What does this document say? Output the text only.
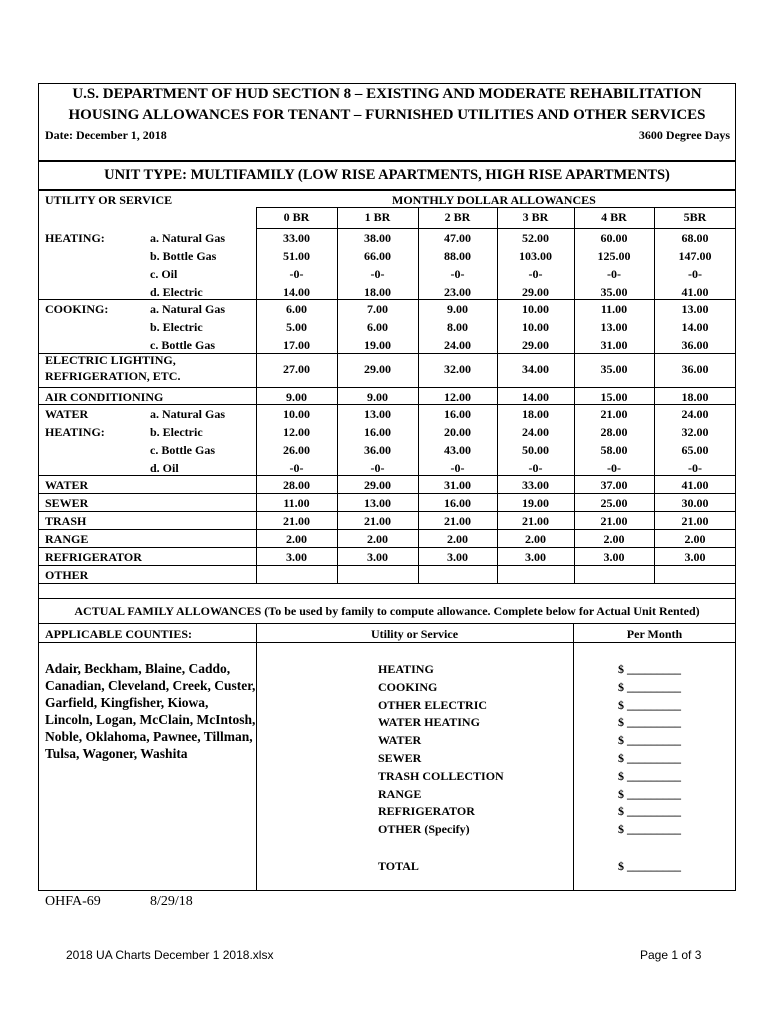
U.S. DEPARTMENT OF HUD SECTION 8 – EXISTING AND MODERATE REHABILITATION
HOUSING ALLOWANCES FOR TENANT – FURNISHED UTILITIES AND OTHER SERVICES
Date: December 1, 2018	3600 Degree Days
UNIT TYPE: MULTIFAMILY (LOW RISE APARTMENTS, HIGH RISE APARTMENTS)
UTILITY OR SERVICE	MONTHLY DOLLAR ALLOWANCES
0 BR	1 BR	2 BR	3 BR	4 BR	5BR
HEATING:	a. Natural Gas	33.00	38.00	47.00	52.00	60.00	68.00
b. Bottle Gas	51.00	66.00	88.00	103.00	125.00	147.00
c. Oil	-0-	-0-	-0-	-0-	-0-	-0-
d. Electric	14.00	18.00	23.00	29.00	35.00	41.00
COOKING:	a. Natural Gas	6.00	7.00	9.00	10.00	11.00	13.00
b. Electric	5.00	6.00	8.00	10.00	13.00	14.00
c. Bottle Gas	17.00	19.00	24.00	29.00	31.00	36.00
ELECTRIC LIGHTING,
REFRIGERATION, ETC.	27.00	29.00	32.00	34.00	35.00	36.00
AIR CONDITIONING	9.00	9.00	12.00	14.00	15.00	18.00
WATER	a. Natural Gas	10.00	13.00	16.00	18.00	21.00	24.00
HEATING:	b. Electric	12.00	16.00	20.00	24.00	28.00	32.00
c. Bottle Gas	26.00	36.00	43.00	50.00	58.00	65.00
d. Oil	-0-	-0-	-0-	-0-	-0-	-0-
WATER	28.00	29.00	31.00	33.00	37.00	41.00
SEWER	11.00	13.00	16.00	19.00	25.00	30.00
TRASH	21.00	21.00	21.00	21.00	21.00	21.00
RANGE	2.00	2.00	2.00	2.00	2.00	2.00
REFRIGERATOR	3.00	3.00	3.00	3.00	3.00	3.00
OTHER
ACTUAL FAMILY ALLOWANCES (To be used by family to compute allowance. Complete below for Actual Unit Rented)
APPLICABLE COUNTIES:	Utility or Service	Per Month
Adair, Beckham, Blaine, Caddo,
Canadian, Cleveland, Creek, Custer,
Garfield, Kingfisher, Kiowa,
Lincoln, Logan, McClain, McIntosh,
Noble, Oklahoma, Pawnee, Tillman,
Tulsa, Wagoner, Washita
HEATING	$ _________
COOKING	$ _________
OTHER ELECTRIC	$ _________
WATER HEATING	$ _________
WATER	$ _________
SEWER	$ _________
TRASH COLLECTION	$ _________
RANGE	$ _________
REFRIGERATOR	$ _________
OTHER (Specify)	$ _________
TOTAL	$ _________
OHFA-69	8/29/18
2018 UA Charts December 1 2018.xlsx	Page 1 of 3
